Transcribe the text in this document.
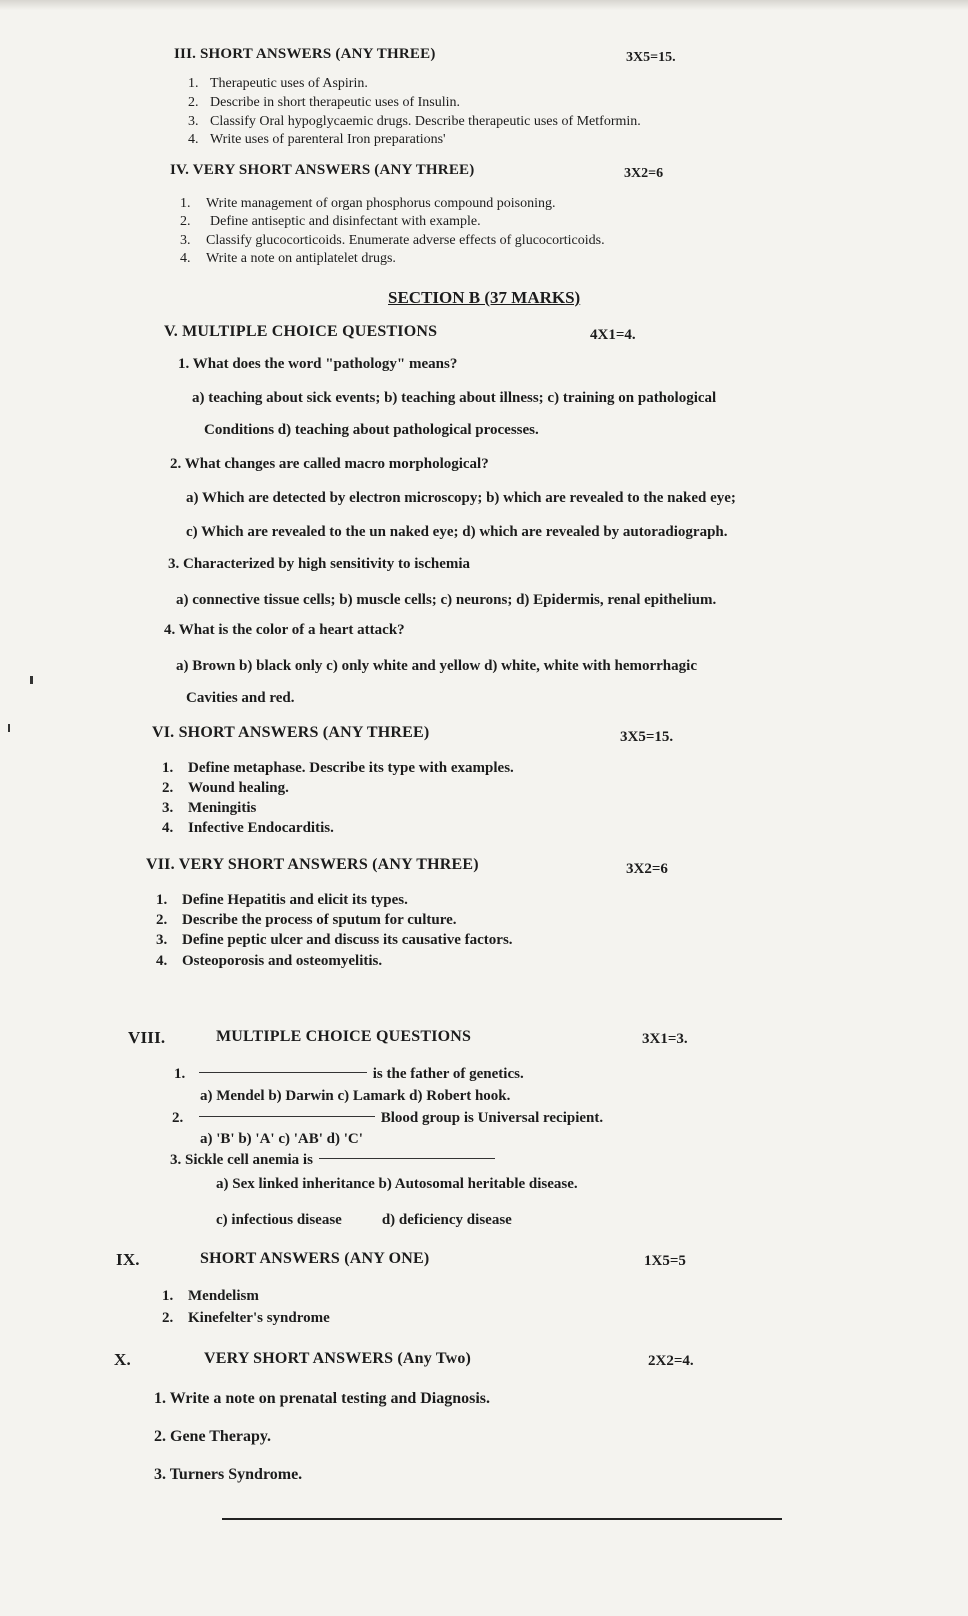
III. SHORT ANSWERS (ANY THREE)	3X5=15.
1. Therapeutic uses of Aspirin.
2. Describe in short therapeutic uses of Insulin.
3. Classify Oral hypoglycaemic drugs. Describe therapeutic uses of Metformin.
4. Write uses of parenteral Iron preparations'
IV. VERY SHORT ANSWERS (ANY THREE)	3X2=6
1. Write management of organ phosphorus compound poisoning.
2. Define antiseptic and disinfectant with example.
3. Classify glucocorticoids. Enumerate adverse effects of glucocorticoids.
4. Write a note on antiplatelet drugs.
SECTION B (37 MARKS)
V. MULTIPLE CHOICE QUESTIONS	4X1=4.
1. What does the word "pathology" means?
a) teaching about sick events; b) teaching about illness; c) training on pathological
Conditions d) teaching about pathological processes.
2. What changes are called macro morphological?
a) Which are detected by electron microscopy; b) which are revealed to the naked eye;
c) Which are revealed to the un naked eye; d) which are revealed by autoradiograph.
3. Characterized by high sensitivity to ischemia
a) connective tissue cells; b) muscle cells; c) neurons; d) Epidermis, renal epithelium.
4. What is the color of a heart attack?
a) Brown b) black only c) only white and yellow d) white, white with hemorrhagic
Cavities and red.
VI. SHORT ANSWERS (ANY THREE)	3X5=15.
1. Define metaphase. Describe its type with examples.
2. Wound healing.
3. Meningitis
4. Infective Endocarditis.
VII. VERY SHORT ANSWERS (ANY THREE)	3X2=6
1. Define Hepatitis and elicit its types.
2. Describe the process of sputum for culture.
3. Define peptic ulcer and discuss its causative factors.
4. Osteoporosis and osteomyelitis.
VIII.	MULTIPLE CHOICE QUESTIONS	3X1=3.
1.	is the father of genetics.
a) Mendel b) Darwin c) Lamark d) Robert hook.
2.	Blood group is Universal recipient.
a) 'B' b) 'A' c) 'AB' d) 'C'
3. Sickle cell anemia is
a) Sex linked inheritance b) Autosomal heritable disease.
c) infectious disease	d) deficiency disease
IX.	SHORT ANSWERS (ANY ONE)	1X5=5
1. Mendelism
2. Kinefelter's syndrome
X.	VERY SHORT ANSWERS (Any Two)	2X2=4.
1. Write a note on prenatal testing and Diagnosis.
2. Gene Therapy.
3. Turners Syndrome.
